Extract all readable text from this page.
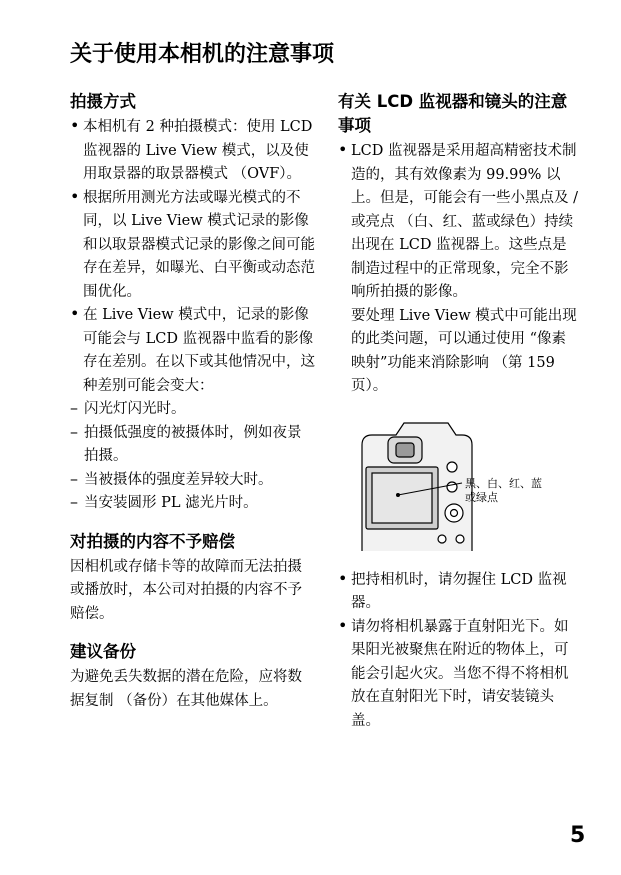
关于使用本相机的注意事项
拍摄方式
• 本相机有 2 种拍摄模式：使用 LCD 监视器的 Live View 模式，以及使用取景器的取景器模式 （OVF）。

• 根据所用测光方法或曝光模式的不同，以 Live View 模式记录的影像和以取景器模式记录的影像之间可能存在差异，如曝光、白平衡或动态范围优化。

• 在 Live View 模式中，记录的影像可能会与 LCD 监视器中监看的影像存在差别。在以下或其他情况中，这种差别可能会变大：

– 闪光灯闪光时。

– 拍摄低强度的被摄体时，例如夜景拍摄。

– 当被摄体的强度差异较大时。

– 当安装圆形 PL 滤光片时。

对拍摄的内容不予赔偿

因相机或存储卡等的故障而无法拍摄或播放时，本公司对拍摄的内容不予赔偿。

建议备份

为避免丢失数据的潜在危险，应将数据复制 （备份）在其他媒体上。

有关 LCD 监视器和镜头的注意事项
• LCD 监视器是采用超高精密技术制造的，其有效像素为 99.99% 以上。但是，可能会有一些小黑点及 / 或亮点 （白、红、蓝或绿色）持续出现在 LCD 监视器上。这些点是制造过程中的正常现象，完全不影响所拍摄的影像。

要处理 Live View 模式中可能出现的此类问题，可以通过使用 “像素映射”功能来消除影响 （第 159 页）。

黑、白、红、蓝
或绿点
• 把持相机时，请勿握住 LCD 监视器。

• 请勿将相机暴露于直射阳光下。如果阳光被聚焦在附近的物体上，可能会引起火灾。当您不得不将相机放在直射阳光下时，请安装镜头盖。

5
